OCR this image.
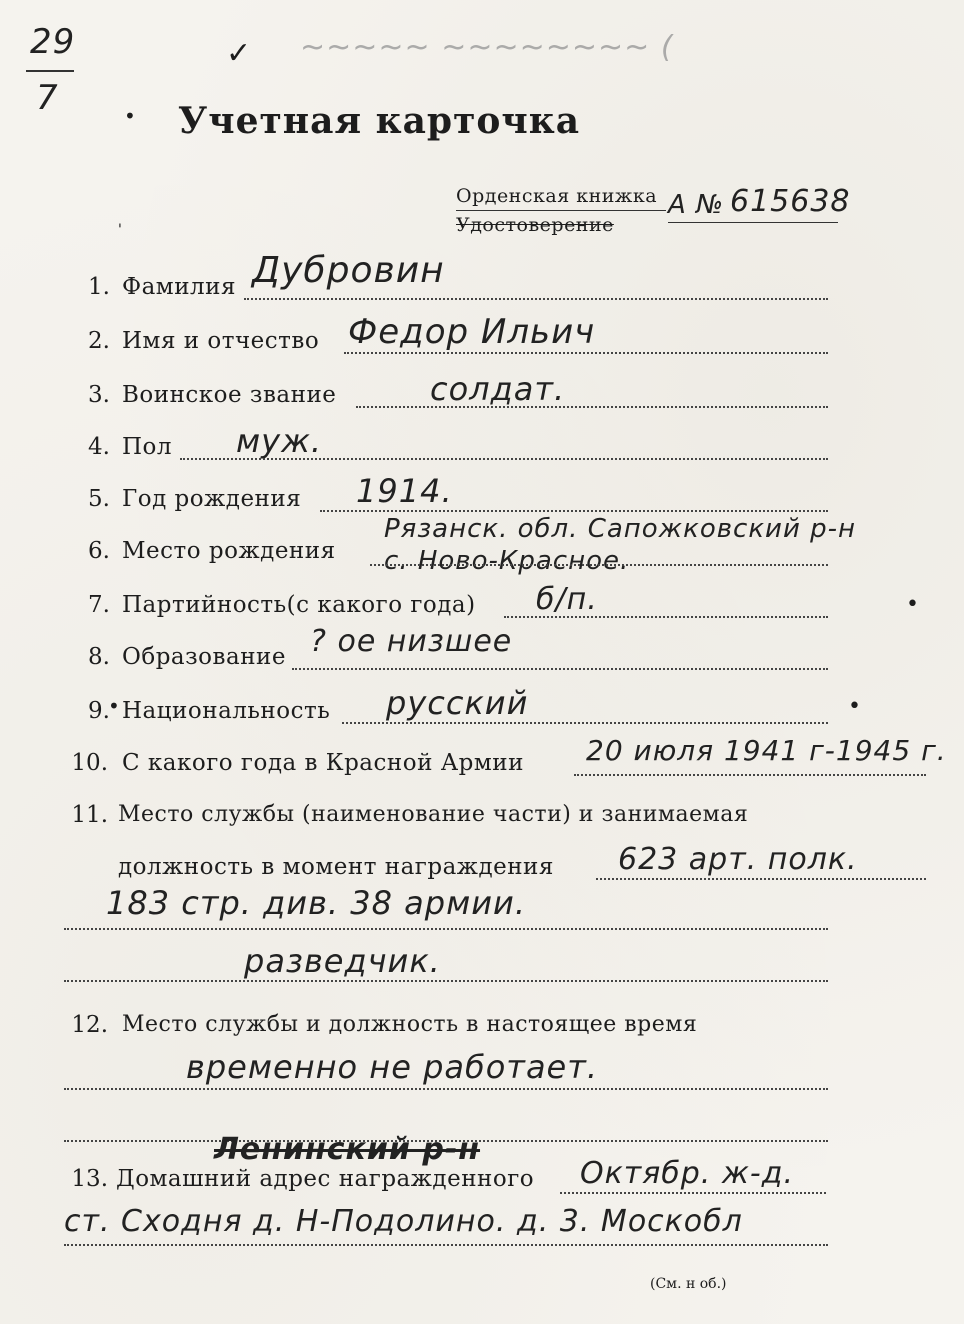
29
7
✓ ~~~~~ ~~~~~~~~ (
• Учетная карточка
Орденская книжка
Удостоверение
А № 615638
'
1. Фамилия Дубровин
2. Имя и отчество Федор Ильич
3. Воинское звание	солдат.
4. Пол муж.
5. Год рождения 1914.
6. Место рождения
Рязанск. обл. Сапожковский р-н
с. Ново-Красное.
7. Партийность(с какого года) б/п.	•
8. Образование ? ое низшее
9.
• Национальность русский	•
10. С какого года в Красной Армии 20 июля 1941 г-1945 г.
11. Место службы (наименование части) и занимаемая
должность в момент награждения 623 арт. полк.
183 стр. див. 38 армии.
разведчик.
12. Место службы и должность в настоящее время
временно не работает.
Ленинский р-н
13. Домашний адрес награжденного Октябр. ж-д.
ст. Сходня д. Н-Подолино. д. 3. Москобл
(См. н об.)
